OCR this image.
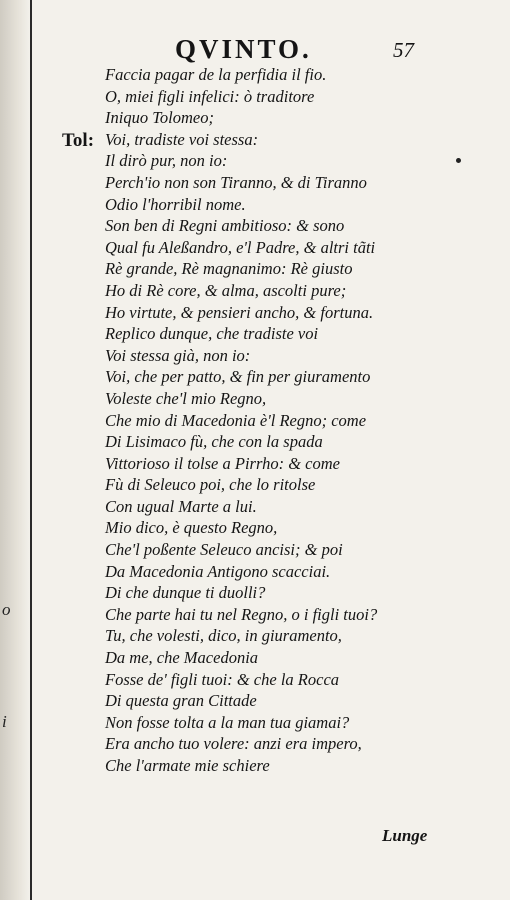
o
i
QVINTO.	57
Tol:
Faccia pagar de la perfidia il fio.
O, miei figli infelici: ò traditore
Iniquo Tolomeo;
Voi, tradiste voi stessa:
Il dirò pur, non io:
Perch'io non son Tiranno, & di Tiranno
Odio l'horribil nome.
Son ben di Regni ambitioso: & sono
Qual fu Aleßandro, e'l Padre, & altri tãti
Rè grande, Rè magnanimo: Rè giusto
Ho di Rè core, & alma, ascolti pure;
Ho virtute, & pensieri ancho, & fortuna.
Replico dunque, che tradiste voi
Voi stessa già, non io:
Voi, che per patto, & fin per giuramento
Voleste che'l mio Regno,
Che mio di Macedonia è'l Regno; come
Di Lisimaco fù, che con la spada
Vittorioso il tolse a Pirrho: & come
Fù di Seleuco poi, che lo ritolse
Con ugual Marte a lui.
Mio dico, è questo Regno,
Che'l poßente Seleuco ancisi; & poi
Da Macedonia Antigono scacciai.
Di che dunque ti duolli?
Che parte hai tu nel Regno, o i figli tuoi?
Tu, che volesti, dico, in giuramento,
Da me, che Macedonia
Fosse de' figli tuoi: & che la Rocca
Di questa gran Cittade
Non fosse tolta a la man tua giamai?
Era ancho tuo volere: anzi era impero,
Che l'armate mie schiere
Lunge
